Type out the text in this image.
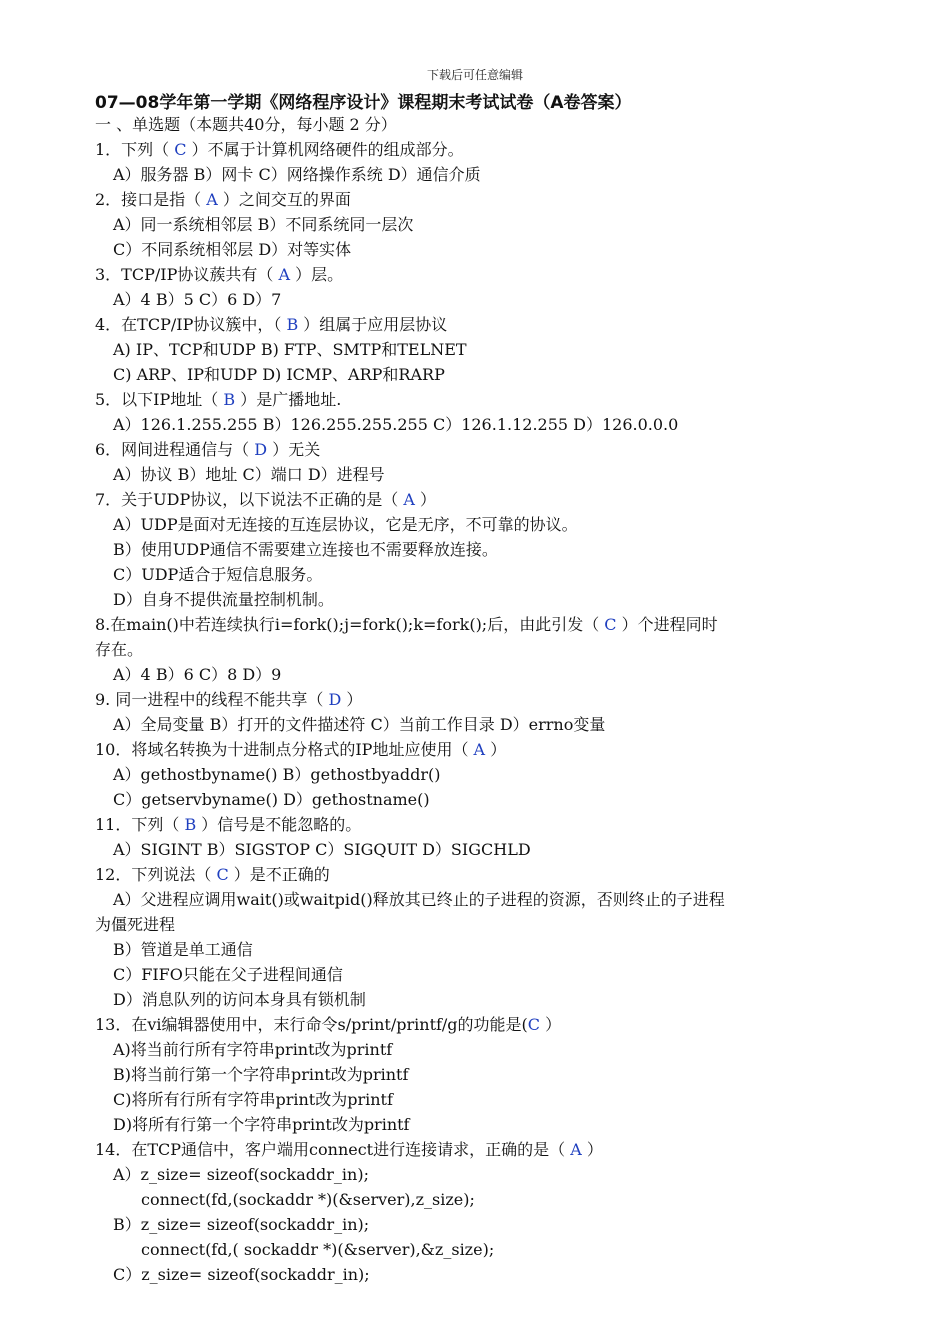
下载后可任意编辑
07—08学年第一学期《网络程序设计》课程期末考试试卷（A卷答案）
一 、单选题（本题共40分，每小题 2 分）
1．下列（ C ）不属于计算机网络硬件的组成部分。
A）服务器 B）网卡 C）网络操作系统 D）通信介质
2．接口是指（ A ）之间交互的界面
A）同一系统相邻层 B）不同系统同一层次
C）不同系统相邻层 D）对等实体
3．TCP/IP协议蔟共有（ A ）层。
A）4 B）5 C）6 D）7
4．在TCP/IP协议簇中，（ B ）组属于应用层协议
A) IP、TCP和UDP B) FTP、SMTP和TELNET
C) ARP、IP和UDP D) ICMP、ARP和RARP
5．以下IP地址（ B ）是广播地址.
A）126.1.255.255 B）126.255.255.255 C）126.1.12.255 D）126.0.0.0
6．网间进程通信与（ D ）无关
A）协议 B）地址 C）端口 D）进程号
7．关于UDP协议，以下说法不正确的是（ A ）
A）UDP是面对无连接的互连层协议，它是无序，不可靠的协议。
B）使用UDP通信不需要建立连接也不需要释放连接。
C）UDP适合于短信息服务。
D）自身不提供流量控制机制。
8.在main()中若连续执行i=fork();j=fork();k=fork();后，由此引发（ C ）个进程同时
存在。
A）4 B）6 C）8 D）9
9. 同一进程中的线程不能共享（ D ）
A）全局变量 B）打开的文件描述符 C）当前工作目录 D）errno变量
10．将域名转换为十进制点分格式的IP地址应使用（ A ）
A）gethostbyname() B）gethostbyaddr()
C）getservbyname() D）gethostname()
11．下列（ B ）信号是不能忽略的。
A）SIGINT B）SIGSTOP C）SIGQUIT D）SIGCHLD
12．下列说法（ C ）是不正确的
A）父进程应调用wait()或waitpid()释放其已终止的子进程的资源，否则终止的子进程
为僵死进程
B）管道是单工通信
C）FIFO只能在父子进程间通信
D）消息队列的访问本身具有锁机制
13．在vi编辑器使用中，末行命令s/print/printf/g的功能是(C ）
A)将当前行所有字符串print改为printf
B)将当前行第一个字符串print改为printf
C)将所有行所有字符串print改为printf
D)将所有行第一个字符串print改为printf
14．在TCP通信中，客户端用connect进行连接请求，正确的是（ A ）
A）z_size= sizeof(sockaddr_in);
connect(fd,(sockaddr *)(&server),z_size);
B）z_size= sizeof(sockaddr_in);
connect(fd,( sockaddr *)(&server),&z_size);
C）z_size= sizeof(sockaddr_in);
